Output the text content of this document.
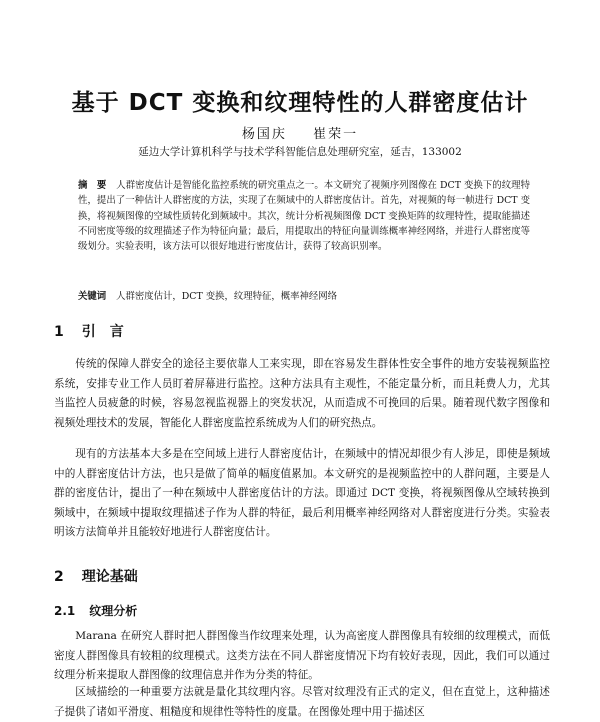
基于 DCT 变换和纹理特性的人群密度估计
杨国庆 崔荣一
延边大学计算机科学与技术学科智能信息处理研究室，延吉，133002
摘　要 人群密度估计是智能化监控系统的研究重点之一。本文研究了视频序列图像在 DCT 变换下的纹理特性，提出了一种估计人群密度的方法，实现了在频域中的人群密度估计。首先，对视频的每一帧进行 DCT 变换，将视频图像的空域性质转化到频域中。其次，统计分析视频图像 DCT 变换矩阵的纹理特性，提取能描述不同密度等级的纹理描述子作为特征向量；最后，用提取出的特征向量训练概率神经网络，并进行人群密度等级划分。实验表明，该方法可以很好地进行密度估计，获得了较高识别率。
关键词 人群密度估计，DCT 变换，纹理特征，概率神经网络
1 引　言
传统的保障人群安全的途径主要依靠人工来实现，即在容易发生群体性安全事件的地方安装视频监控系统，安排专业工作人员盯着屏幕进行监控。这种方法具有主观性，不能定量分析，而且耗费人力，尤其当监控人员疲惫的时候，容易忽视监视器上的突发状况，从而造成不可挽回的后果。随着现代数字图像和视频处理技术的发展，智能化人群密度监控系统成为人们的研究热点。
现有的方法基本大多是在空间域上进行人群密度估计，在频域中的情况却很少有人涉足，即使是频域中的人群密度估计方法，也只是做了简单的幅度值累加。本文研究的是视频监控中的人群问题，主要是人群的密度估计，提出了一种在频域中人群密度估计的方法。即通过 DCT 变换，将视频图像从空域转换到频域中，在频域中提取纹理描述子作为人群的特征，最后利用概率神经网络对人群密度进行分类。实验表明该方法简单并且能较好地进行人群密度估计。
2 理论基础
2.1 纹理分析
Marana 在研究人群时把人群图像当作纹理来处理，认为高密度人群图像具有较细的纹理模式，而低密度人群图像具有较粗的纹理模式。这类方法在不同人群密度情况下均有较好表现，因此，我们可以通过纹理分析来提取人群图像的纹理信息并作为分类的特征。
区域描绘的一种重要方法就是量化其纹理内容。尽管对纹理没有正式的定义，但在直觉上，这种描述子提供了诸如平滑度、粗糙度和规律性等特性的度量。在图像处理中用于描述区
